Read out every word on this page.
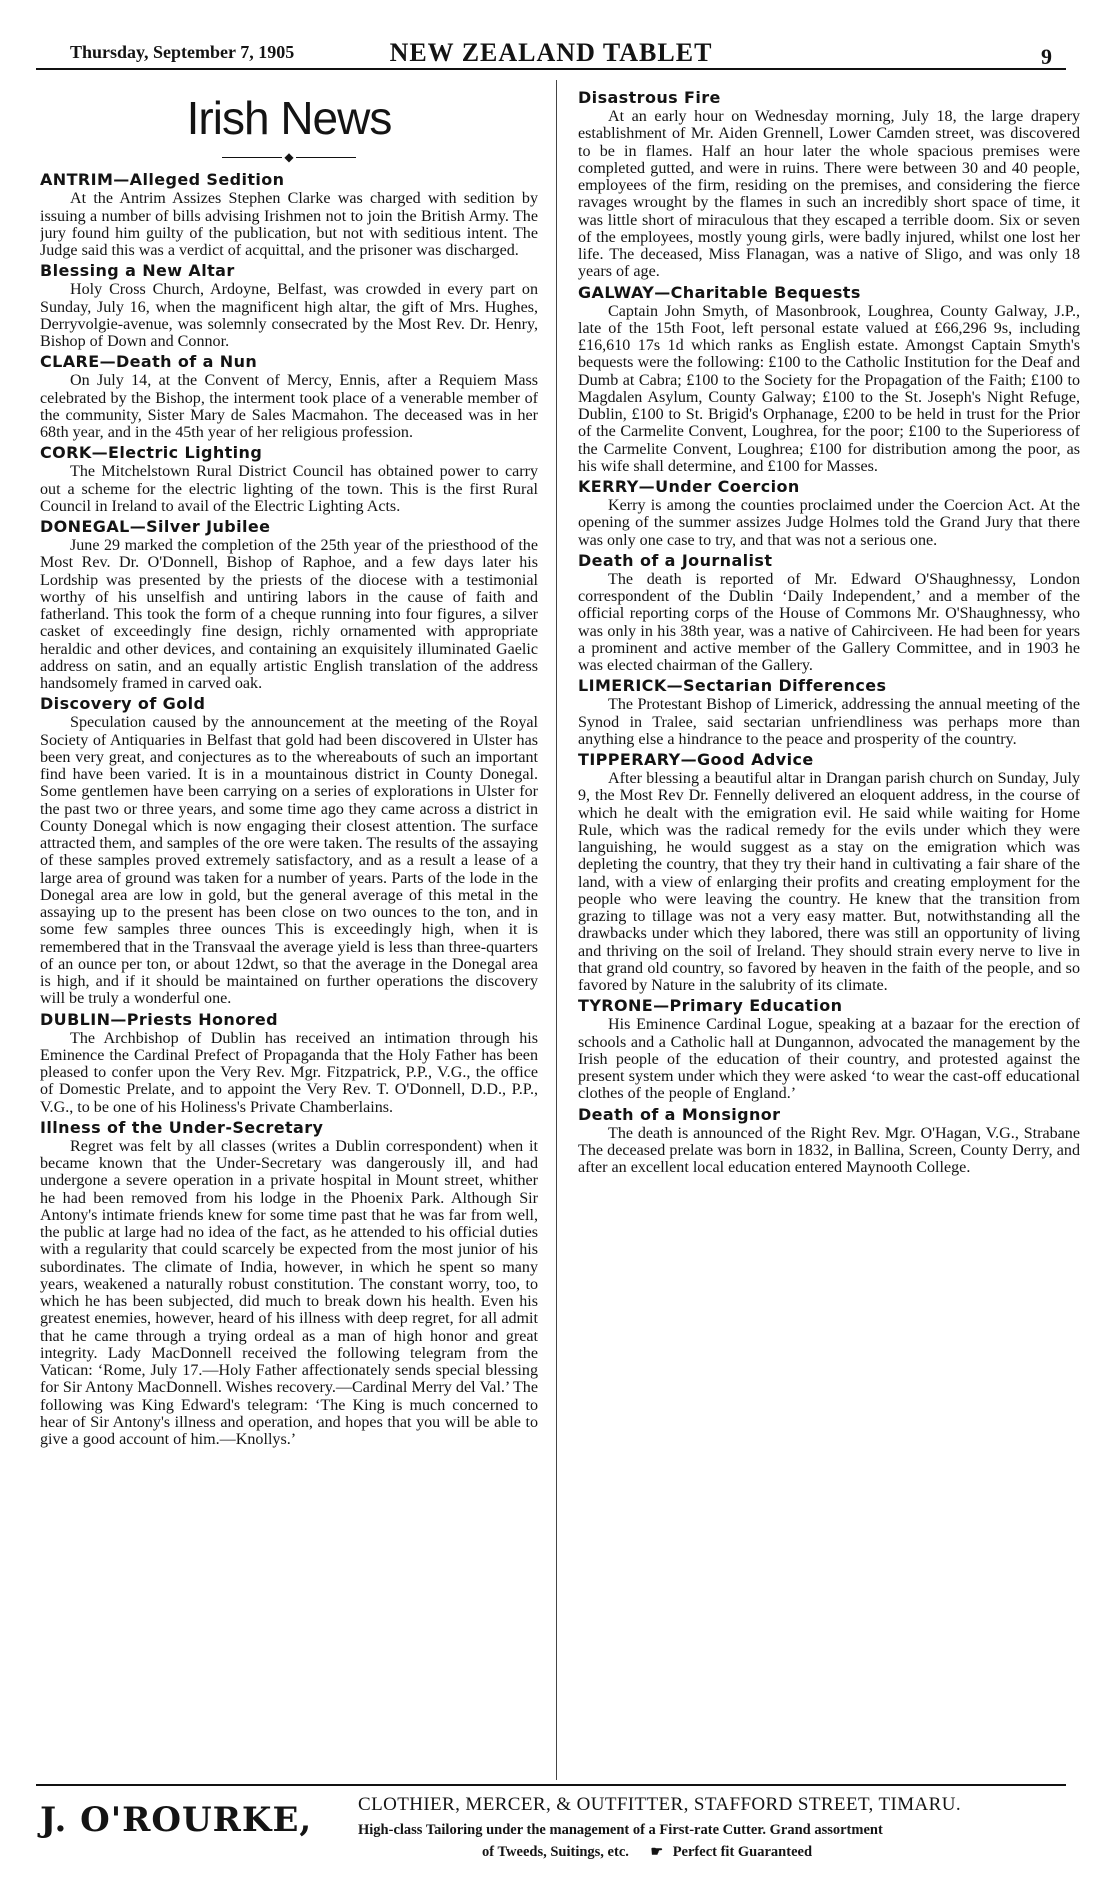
Thursday, September 7, 1905	NEW ZEALAND TABLET	9
Irish News
◆
ANTRIM—Alleged Sedition

At the Antrim Assizes Stephen Clarke was charged with sedition by issuing a number of bills advising Irishmen not to join the British Army. The jury found him guilty of the publication, but not with seditious intent. The Judge said this was a verdict of acquittal, and the prisoner was discharged.

Blessing a New Altar

Holy Cross Church, Ardoyne, Belfast, was crowded in every part on Sunday, July 16, when the magnificent high altar, the gift of Mrs. Hughes, Derryvolgie-avenue, was solemnly consecrated by the Most Rev. Dr. Henry, Bishop of Down and Connor.

CLARE—Death of a Nun

On July 14, at the Convent of Mercy, Ennis, after a Requiem Mass celebrated by the Bishop, the interment took place of a venerable member of the community, Sister Mary de Sales Macmahon. The deceased was in her 68th year, and in the 45th year of her religious profession.

CORK—Electric Lighting

The Mitchelstown Rural District Council has obtained power to carry out a scheme for the electric lighting of the town. This is the first Rural Council in Ireland to avail of the Electric Lighting Acts.

DONEGAL—Silver Jubilee

June 29 marked the completion of the 25th year of the priesthood of the Most Rev. Dr. O'Donnell, Bishop of Raphoe, and a few days later his Lordship was presented by the priests of the diocese with a testimonial worthy of his unselfish and untiring labors in the cause of faith and fatherland. This took the form of a cheque running into four figures, a silver casket of exceedingly fine design, richly ornamented with appropriate heraldic and other devices, and containing an exquisitely illuminated Gaelic address on satin, and an equally artistic English translation of the address handsomely framed in carved oak.

Discovery of Gold

Speculation caused by the announcement at the meeting of the Royal Society of Antiquaries in Belfast that gold had been discovered in Ulster has been very great, and conjectures as to the whereabouts of such an important find have been varied. It is in a mountainous district in County Donegal. Some gentlemen have been carrying on a series of explorations in Ulster for the past two or three years, and some time ago they came across a district in County Donegal which is now engaging their closest attention. The surface attracted them, and samples of the ore were taken. The results of the assaying of these samples proved extremely satisfactory, and as a result a lease of a large area of ground was taken for a number of years. Parts of the lode in the Donegal area are low in gold, but the general average of this metal in the assaying up to the present has been close on two ounces to the ton, and in some few samples three ounces This is exceedingly high, when it is remembered that in the Transvaal the average yield is less than three-quarters of an ounce per ton, or about 12dwt, so that the average in the Donegal area is high, and if it should be maintained on further operations the discovery will be truly a wonderful one.

DUBLIN—Priests Honored

The Archbishop of Dublin has received an intimation through his Eminence the Cardinal Prefect of Propaganda that the Holy Father has been pleased to confer upon the Very Rev. Mgr. Fitzpatrick, P.P., V.G., the office of Domestic Prelate, and to appoint the Very Rev. T. O'Donnell, D.D., P.P., V.G., to be one of his Holiness's Private Chamberlains.

Illness of the Under-Secretary

Regret was felt by all classes (writes a Dublin correspondent) when it became known that the Under-Secretary was dangerously ill, and had undergone a severe operation in a private hospital in Mount street, whither he had been removed from his lodge in the Phoenix Park. Although Sir Antony's intimate friends knew for some time past that he was far from well, the public at large had no idea of the fact, as he attended to his official duties with a regularity that could scarcely be expected from the most junior of his subordinates. The climate of India, however, in which he spent so many years, weakened a naturally robust constitution. The constant worry, too, to which he has been subjected, did much to break down his health. Even his greatest enemies, however, heard of his illness with deep regret, for all admit that he came through a trying ordeal as a man of high honor and great integrity. Lady MacDonnell received the following telegram from the Vatican: ‘Rome, July 17.—Holy Father affectionately sends special blessing for Sir Antony MacDonnell. Wishes recovery.—Cardinal Merry del Val.’ The following was King Edward's telegram: ‘The King is much concerned to hear of Sir Antony's illness and operation, and hopes that you will be able to give a good account of him.—Knollys.’

Disastrous Fire

At an early hour on Wednesday morning, July 18, the large drapery establishment of Mr. Aiden Grennell, Lower Camden street, was discovered to be in flames. Half an hour later the whole spacious premises were completed gutted, and were in ruins. There were between 30 and 40 people, employees of the firm, residing on the premises, and considering the fierce ravages wrought by the flames in such an incredibly short space of time, it was little short of miraculous that they escaped a terrible doom. Six or seven of the employees, mostly young girls, were badly injured, whilst one lost her life. The deceased, Miss Flanagan, was a native of Sligo, and was only 18 years of age.

GALWAY—Charitable Bequests

Captain John Smyth, of Masonbrook, Loughrea, County Galway, J.P., late of the 15th Foot, left personal estate valued at £66,296 9s, including £16,610 17s 1d which ranks as English estate. Amongst Captain Smyth's bequests were the following: £100 to the Catholic Institution for the Deaf and Dumb at Cabra; £100 to the Society for the Propagation of the Faith; £100 to Magdalen Asylum, County Galway; £100 to the St. Joseph's Night Refuge, Dublin, £100 to St. Brigid's Orphanage, £200 to be held in trust for the Prior of the Carmelite Convent, Loughrea, for the poor; £100 to the Superioress of the Carmelite Convent, Loughrea; £100 for distribution among the poor, as his wife shall determine, and £100 for Masses.

KERRY—Under Coercion

Kerry is among the counties proclaimed under the Coercion Act. At the opening of the summer assizes Judge Holmes told the Grand Jury that there was only one case to try, and that was not a serious one.

Death of a Journalist

The death is reported of Mr. Edward O'Shaughnessy, London correspondent of the Dublin ‘Daily Independent,’ and a member of the official reporting corps of the House of Commons Mr. O'Shaughnessy, who was only in his 38th year, was a native of Cahirciveen. He had been for years a prominent and active member of the Gallery Committee, and in 1903 he was elected chairman of the Gallery.

LIMERICK—Sectarian Differences

The Protestant Bishop of Limerick, addressing the annual meeting of the Synod in Tralee, said sectarian unfriendliness was perhaps more than anything else a hindrance to the peace and prosperity of the country.

TIPPERARY—Good Advice

After blessing a beautiful altar in Drangan parish church on Sunday, July 9, the Most Rev Dr. Fennelly delivered an eloquent address, in the course of which he dealt with the emigration evil. He said while waiting for Home Rule, which was the radical remedy for the evils under which they were languishing, he would suggest as a stay on the emigration which was depleting the country, that they try their hand in cultivating a fair share of the land, with a view of enlarging their profits and creating employment for the people who were leaving the country. He knew that the transition from grazing to tillage was not a very easy matter. But, notwithstanding all the drawbacks under which they labored, there was still an opportunity of living and thriving on the soil of Ireland. They should strain every nerve to live in that grand old country, so favored by heaven in the faith of the people, and so favored by Nature in the salubrity of its climate.

TYRONE—Primary Education

His Eminence Cardinal Logue, speaking at a bazaar for the erection of schools and a Catholic hall at Dungannon, advocated the management by the Irish people of the education of their country, and protested against the present system under which they were asked ‘to wear the cast-off educational clothes of the people of England.’

Death of a Monsignor

The death is announced of the Right Rev. Mgr. O'Hagan, V.G., Strabane The deceased prelate was born in 1832, in Ballina, Screen, County Derry, and after an excellent local education entered Maynooth College.

J. O'ROURKE, CLOTHIER, MERCER, & OUTFITTER, STAFFORD STREET, TIMARU.
High-class Tailoring under the management of a First-rate Cutter. Grand assortment
of Tweeds, Suitings, etc. ☛ Perfect fit Guaranteed
